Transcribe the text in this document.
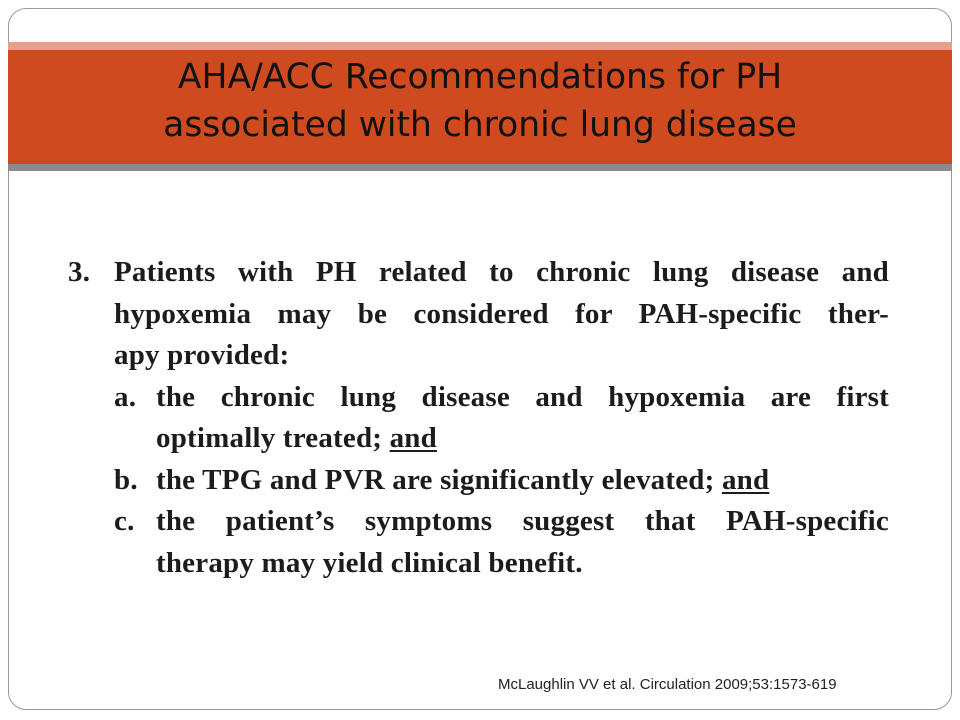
AHA/ACC Recommendations for PH
associated with chronic lung disease
3. Patients with PH related to chronic lung disease and
hypoxemia may be considered for PAH-specific ther-
apy provided:
a. the chronic lung disease and hypoxemia are first
optimally treated; and
b. the TPG and PVR are significantly elevated; and
c. the patient’s symptoms suggest that PAH-specific
therapy may yield clinical benefit.
McLaughlin VV et al. Circulation 2009;53:1573-619
